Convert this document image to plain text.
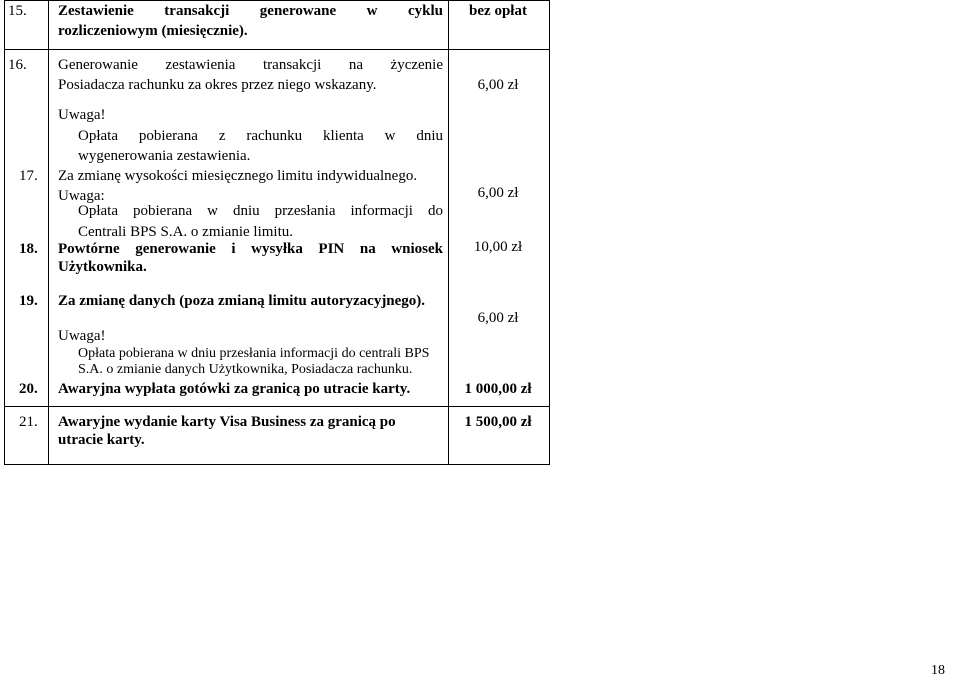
15. Zestawienie transakcji generowane w cyklu
rozliczeniowym (miesięcznie).
bez opłat
16. Generowanie zestawienia transakcji na życzenie
Posiadacza rachunku za okres przez niego wskazany.	6,00 zł
Uwaga!
Opłata pobierana z rachunku klienta w dniu
wygenerowania zestawienia.
17. Za zmianę wysokości miesięcznego limitu indywidualnego.
6,00 zł
Uwaga:
Opłata pobierana w dniu przesłania informacji do
Centrali BPS S.A. o zmianie limitu.
18. Powtórne generowanie i wysyłka PIN na wniosek
Użytkownika.
10,00 zł
19. Za zmianę danych (poza zmianą limitu autoryzacyjnego).
6,00 zł
Uwaga!
Opłata pobierana w dniu przesłania informacji do centrali BPS
S.A. o zmianie danych Użytkownika, Posiadacza rachunku.
20. Awaryjna wypłata gotówki za granicą po utracie karty.	1 000,00 zł
21. Awaryjne wydanie karty Visa Business za granicą po
utracie karty.
1 500,00 zł
18
